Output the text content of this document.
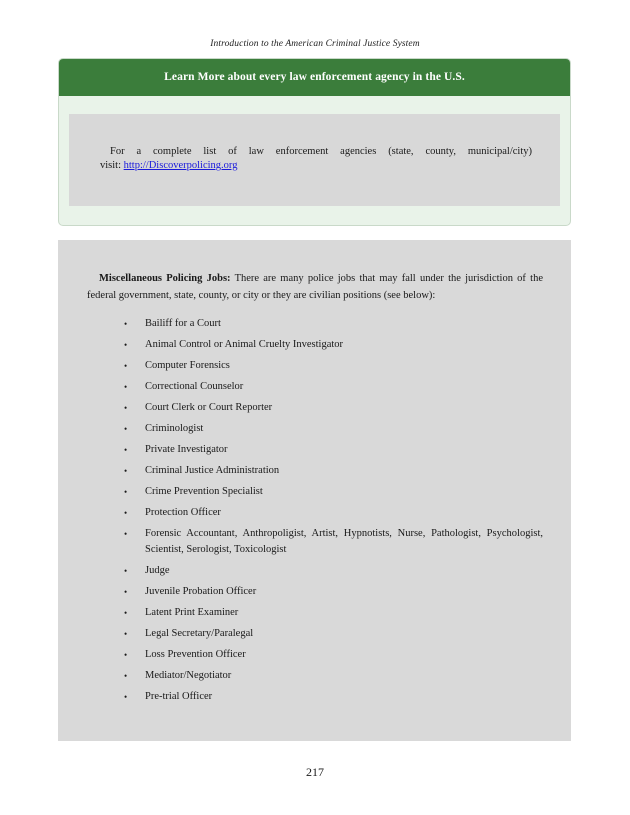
Introduction to the American Criminal Justice System
Learn More about every law enforcement agency in the U.S.

For a complete list of law enforcement agencies (state, county, municipal/city)

visit: http://Discoverpolicing.org

Miscellaneous Policing Jobs: There are many police jobs that may fall under the jurisdiction of the federal government, state, county, or city or they are civilian positions (see below):

• Bailiff for a Court
• Animal Control or Animal Cruelty Investigator
• Computer Forensics
• Correctional Counselor
• Court Clerk or Court Reporter
• Criminologist
• Private Investigator
• Criminal Justice Administration
• Crime Prevention Specialist
• Protection Officer
• Forensic Accountant, Anthropoligist, Artist, Hypnotists, Nurse, Pathologist, Psychologist, Scientist, Serologist, Toxicologist
• Judge
• Juvenile Probation Officer
• Latent Print Examiner
• Legal Secretary/Paralegal
• Loss Prevention Officer
• Mediator/Negotiator
• Pre-trial Officer
217
